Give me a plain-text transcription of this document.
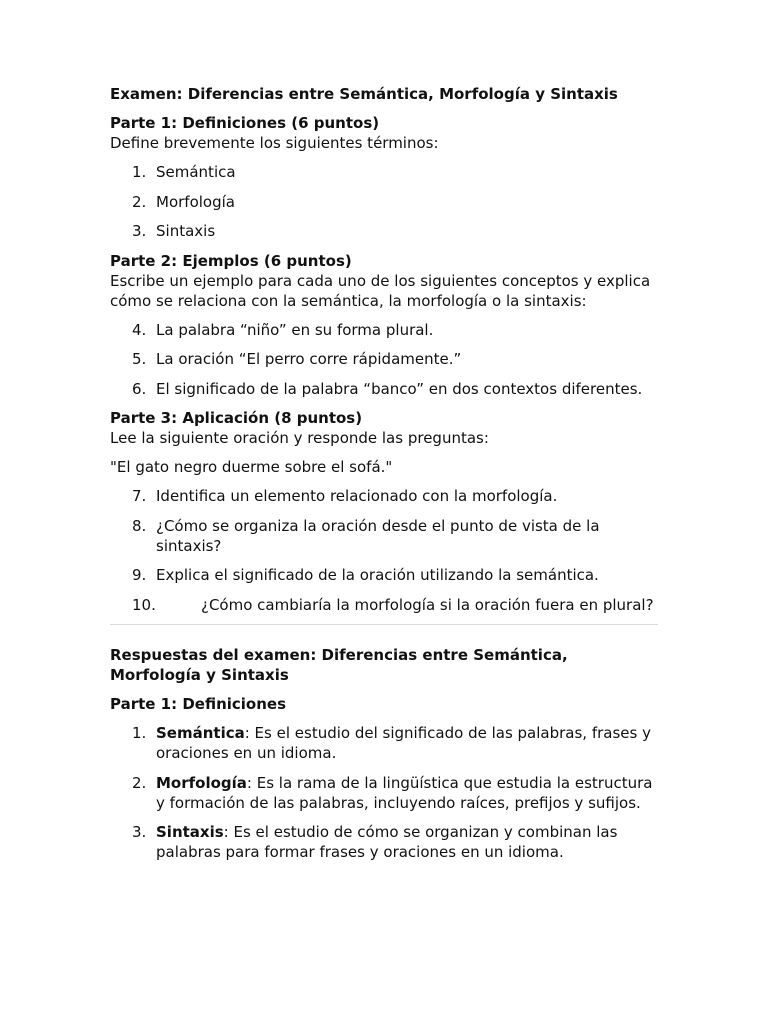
Examen: Diferencias entre Semántica, Morfología y Sintaxis

Parte 1: Definiciones (6 puntos)

Define brevemente los siguientes términos:

1. Semántica
2. Morfología
3. Sintaxis

Parte 2: Ejemplos (6 puntos)

Escribe un ejemplo para cada uno de los siguientes conceptos y explica cómo se relaciona con la semántica, la morfología o la sintaxis:

4. La palabra “niño” en su forma plural.
5. La oración “El perro corre rápidamente.”
6. El significado de la palabra “banco” en dos contextos diferentes.

Parte 3: Aplicación (8 puntos)

Lee la siguiente oración y responde las preguntas:

"El gato negro duerme sobre el sofá."

7. Identifica un elemento relacionado con la morfología.
8. ¿Cómo se organiza la oración desde el punto de vista de la sintaxis?
9. Explica el significado de la oración utilizando la semántica.
10.	¿Cómo cambiaría la morfología si la oración fuera en plural?

Respuestas del examen: Diferencias entre Semántica, Morfología y Sintaxis

Parte 1: Definiciones

1. Semántica: Es el estudio del significado de las palabras, frases y oraciones en un idioma.
2. Morfología: Es la rama de la lingüística que estudia la estructura y formación de las palabras, incluyendo raíces, prefijos y sufijos.
3. Sintaxis: Es el estudio de cómo se organizan y combinan las palabras para formar frases y oraciones en un idioma.
